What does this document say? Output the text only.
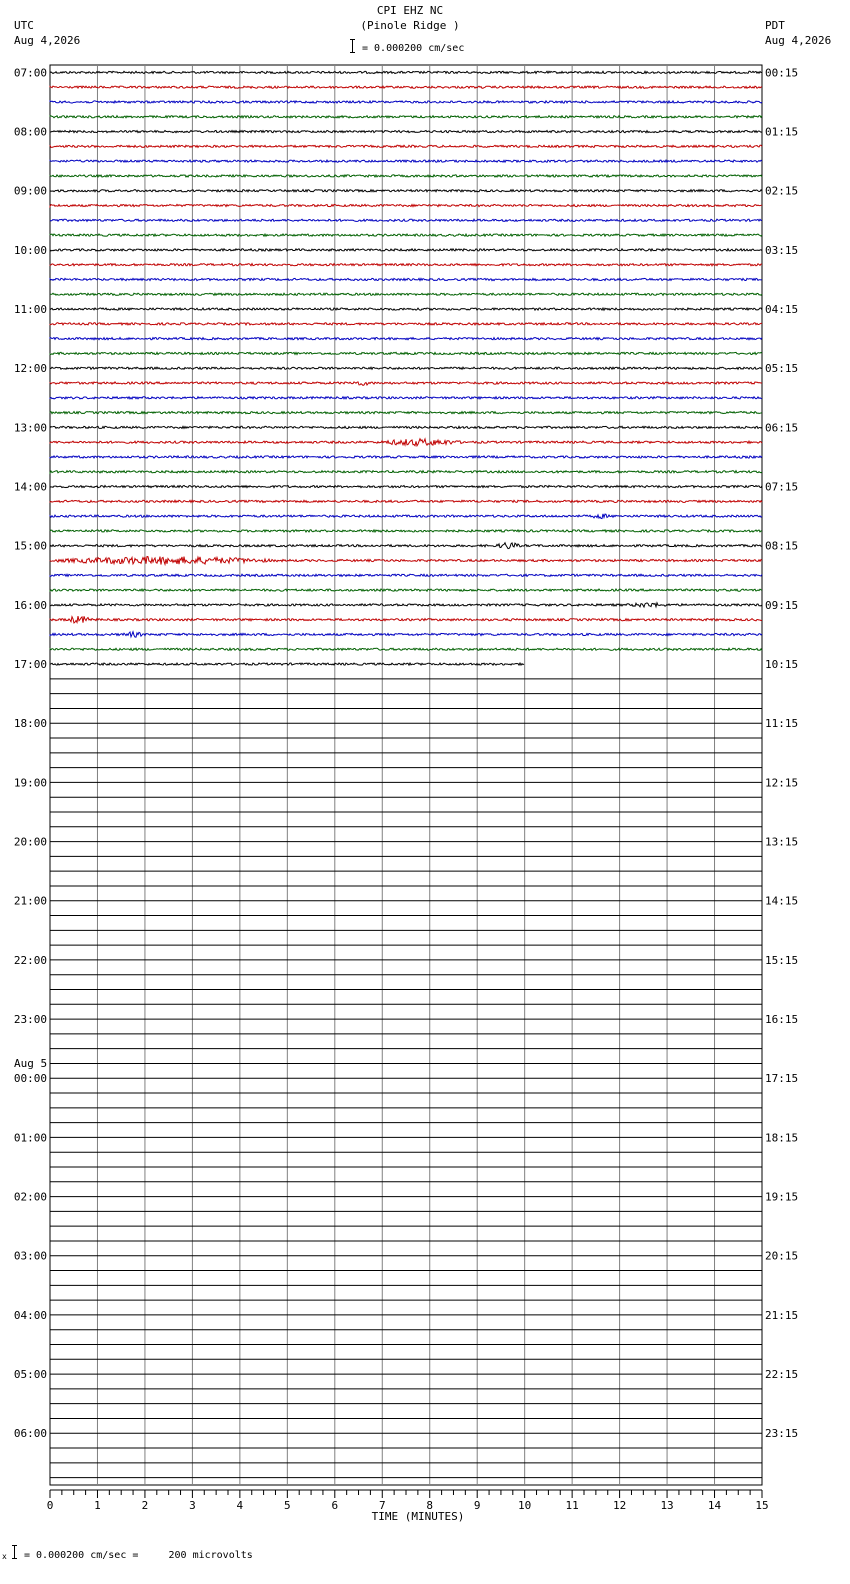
UTC
Aug 4,2026
CPI EHZ NC
(Pinole Ridge )
= 0.000200 cm/sec
PDT
Aug 4,2026
07:00
08:00
09:00
10:00
11:00
12:00
13:00
14:00
15:00
16:00
17:00
18:00
19:00
20:00
21:00
22:00
23:00
00:00
Aug 5
01:00
02:00
03:00
04:00
05:00
06:00
00:15
01:15
02:15
03:15
04:15
05:15
06:15
07:15
08:15
09:15
10:15
11:15
12:15
13:15
14:15
15:15
16:15
17:15
18:15
19:15
20:15
21:15
22:15
23:15
0	1	2	3	4	5	6	7	8	9	10	11	12	13	14	15
TIME (MINUTES)
x = 0.000200 cm/sec =     200 microvolts
